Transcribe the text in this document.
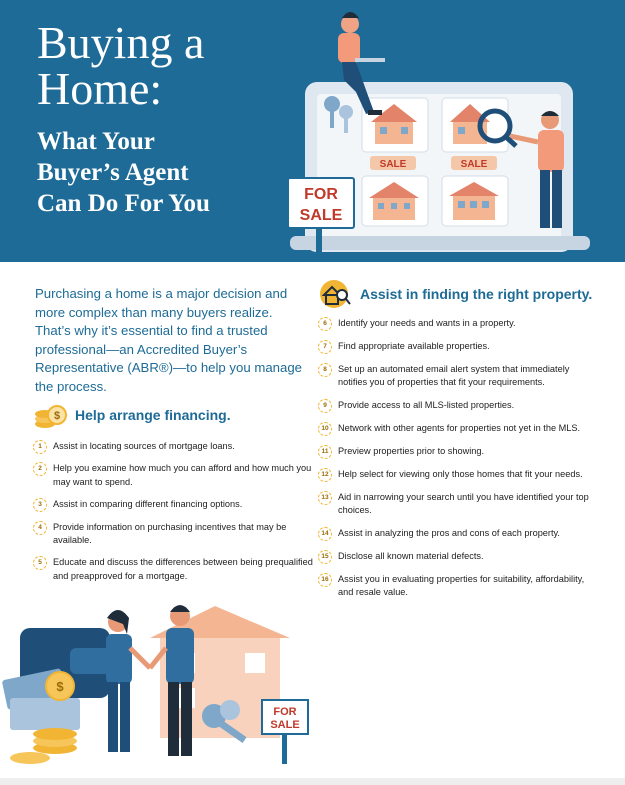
Buying a
Home:
What Your
Buyer’s Agent
Can Do For You
SALE	SALE
FOR
SALE

Purchasing a home is a major decision and more complex than many buyers realize. That’s why it’s essential to find a trusted professional—an Accredited Buyer’s Representative (ABR®)—to help you manage the process.

$ Help arrange financing.
1	Assist in locating sources of mortgage loans.
2	Help you examine how much you can afford and how much you may want to spend.
3	Assist in comparing different financing options.
4	Provide information on purchasing incentives that may be available.
5	Educate and discuss the differences between being prequalified and preapproved for a mortgage.
$
FOR
SALE
Assist in finding the right property.
6	Identify your needs and wants in a property.
7	Find appropriate available properties.
8	Set up an automated email alert system that immediately notifies you of properties that fit your requirements.
9	Provide access to all MLS-listed properties.
10	Network with other agents for properties not yet in the MLS.
11	Preview properties prior to showing.
12	Help select for viewing only those homes that fit your needs.
13	Aid in narrowing your search until you have identified your top choices.
14	Assist in analyzing the pros and cons of each property.
15	Disclose all known material defects.
16	Assist you in evaluating properties for suitability, affordability, and resale value.
